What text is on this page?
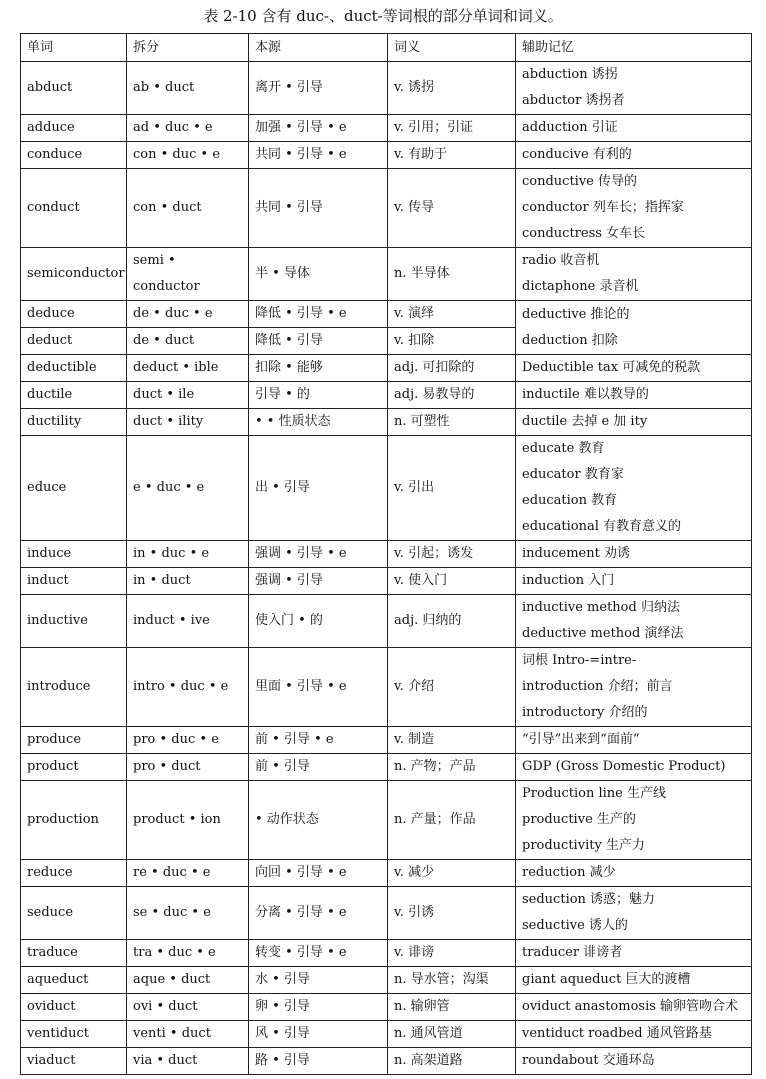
表 2-10 含有 duc-、duct-等词根的部分单词和词义。
单词	拆分	本源	词义	辅助记忆
abduct	ab • duct	离开 • 引导	v. 诱拐	abduction 诱拐
abductor 诱拐者

adduce	ad • duc • e	加强 • 引导 • e	v. 引用；引证	adduction 引证

conduce	con • duc • e	共同 • 引导 • e	v. 有助于	conducive 有利的

conduct	con • duct	共同 • 引导	v. 传导	conductive 传导的
conductor 列车长；指挥家
conductress 女车长

semiconductor	semi • conductor	半 • 导体	n. 半导体	radio 收音机
dictaphone 录音机

deduce	de • duc • e	降低 • 引导 • e	v. 演绎	deductive 推论的
deduction 扣除

deduct	de • duct	降低 • 引导	v. 扣除	
deductible	deduct • ible	扣除 • 能够	adj. 可扣除的	Deductible tax 可减免的税款

ductile	duct • ile	引导 • 的	adj. 易教导的	inductile 难以教导的

ductility	duct • ility	• • 性质状态	n. 可塑性	ductile 去掉 e 加 ity

educe	e • duc • e	出 • 引导	v. 引出	educate 教育
educator 教育家
education 教育
educational 有教育意义的

induce	in • duc • e	强调 • 引导 • e	v. 引起；诱发	inducement 劝诱

induct	in • duct	强调 • 引导	v. 使入门	induction 入门

inductive	induct • ive	使入门 • 的	adj. 归纳的	inductive method 归纳法
deductive method 演绎法

introduce	intro • duc • e	里面 • 引导 • e	v. 介绍	词根 Intro-=intre-
introduction 介绍；前言
introductory 介绍的

produce	pro • duc • e	前 • 引导 • e	v. 制造	“引导”出来到“面前”

product	pro • duct	前 • 引导	n. 产物；产品	GDP (Gross Domestic Product)

production	product • ion	• 动作状态	n. 产量；作品	Production line 生产线
productive 生产的
productivity 生产力

reduce	re • duc • e	向回 • 引导 • e	v. 减少	reduction 减少

seduce	se • duc • e	分离 • 引导 • e	v. 引诱	seduction 诱惑；魅力
seductive 诱人的

traduce	tra • duc • e	转变 • 引导 • e	v. 诽谤	traducer 诽谤者

aqueduct	aque • duct	水 • 引导	n. 导水管；沟渠	giant aqueduct 巨大的渡槽

oviduct	ovi • duct	卵 • 引导	n. 输卵管	oviduct anastomosis 输卵管吻合术

ventiduct	venti • duct	风 • 引导	n. 通风管道	ventiduct roadbed 通风管路基

viaduct	via • duct	路 • 引导	n. 高架道路	roundabout 交通环岛
